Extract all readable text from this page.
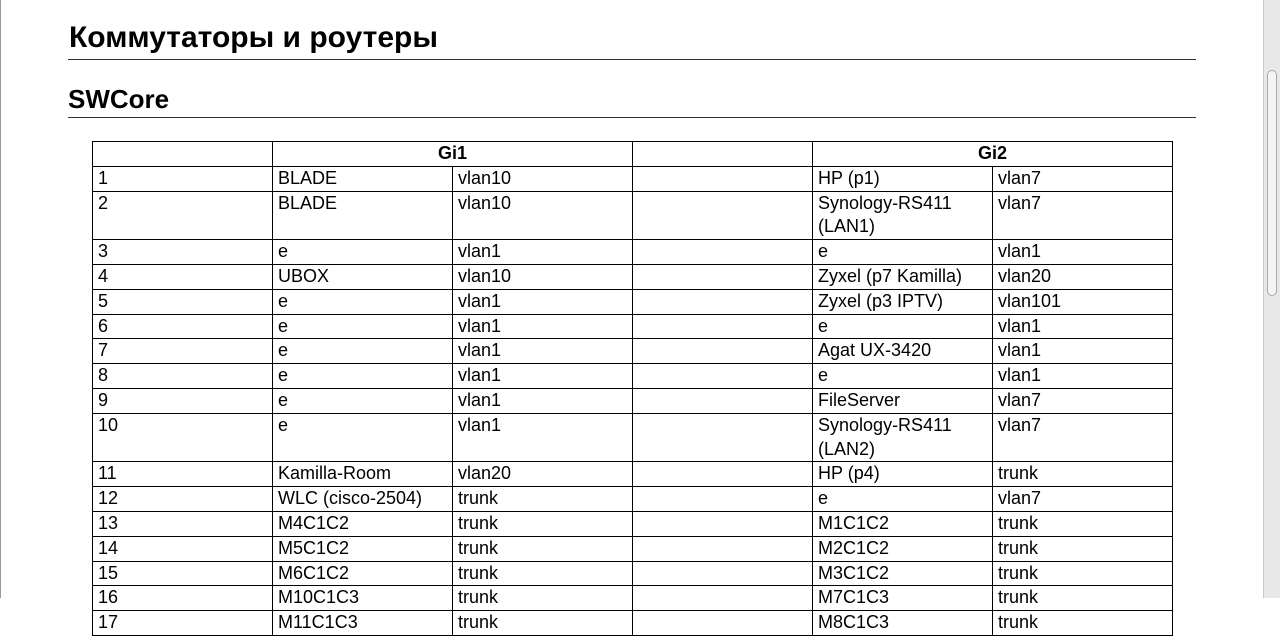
Коммутаторы и роутеры
SWCore
	Gi1			Gi2	
1	BLADE	vlan10		HP (p1)	vlan7
2	BLADE	vlan10		Synology-RS411 (LAN1)	vlan7
3	e	vlan1		e	vlan1
4	UBOX	vlan10		Zyxel (p7 Kamilla)	vlan20
5	e	vlan1		Zyxel (p3 IPTV)	vlan101
6	e	vlan1		e	vlan1
7	e	vlan1		Agat UX-3420	vlan1
8	e	vlan1		e	vlan1
9	e	vlan1		FileServer	vlan7
10	e	vlan1		Synology-RS411 (LAN2)	vlan7
11	Kamilla-Room	vlan20		HP (p4)	trunk
12	WLC (cisco-2504)	trunk		e	vlan7
13	M4C1C2	trunk		M1C1C2	trunk
14	M5C1C2	trunk		M2C1C2	trunk
15	M6C1C2	trunk		M3C1C2	trunk
16	M10C1C3	trunk		M7C1C3	trunk
17	M11C1C3	trunk		M8C1C3	trunk
